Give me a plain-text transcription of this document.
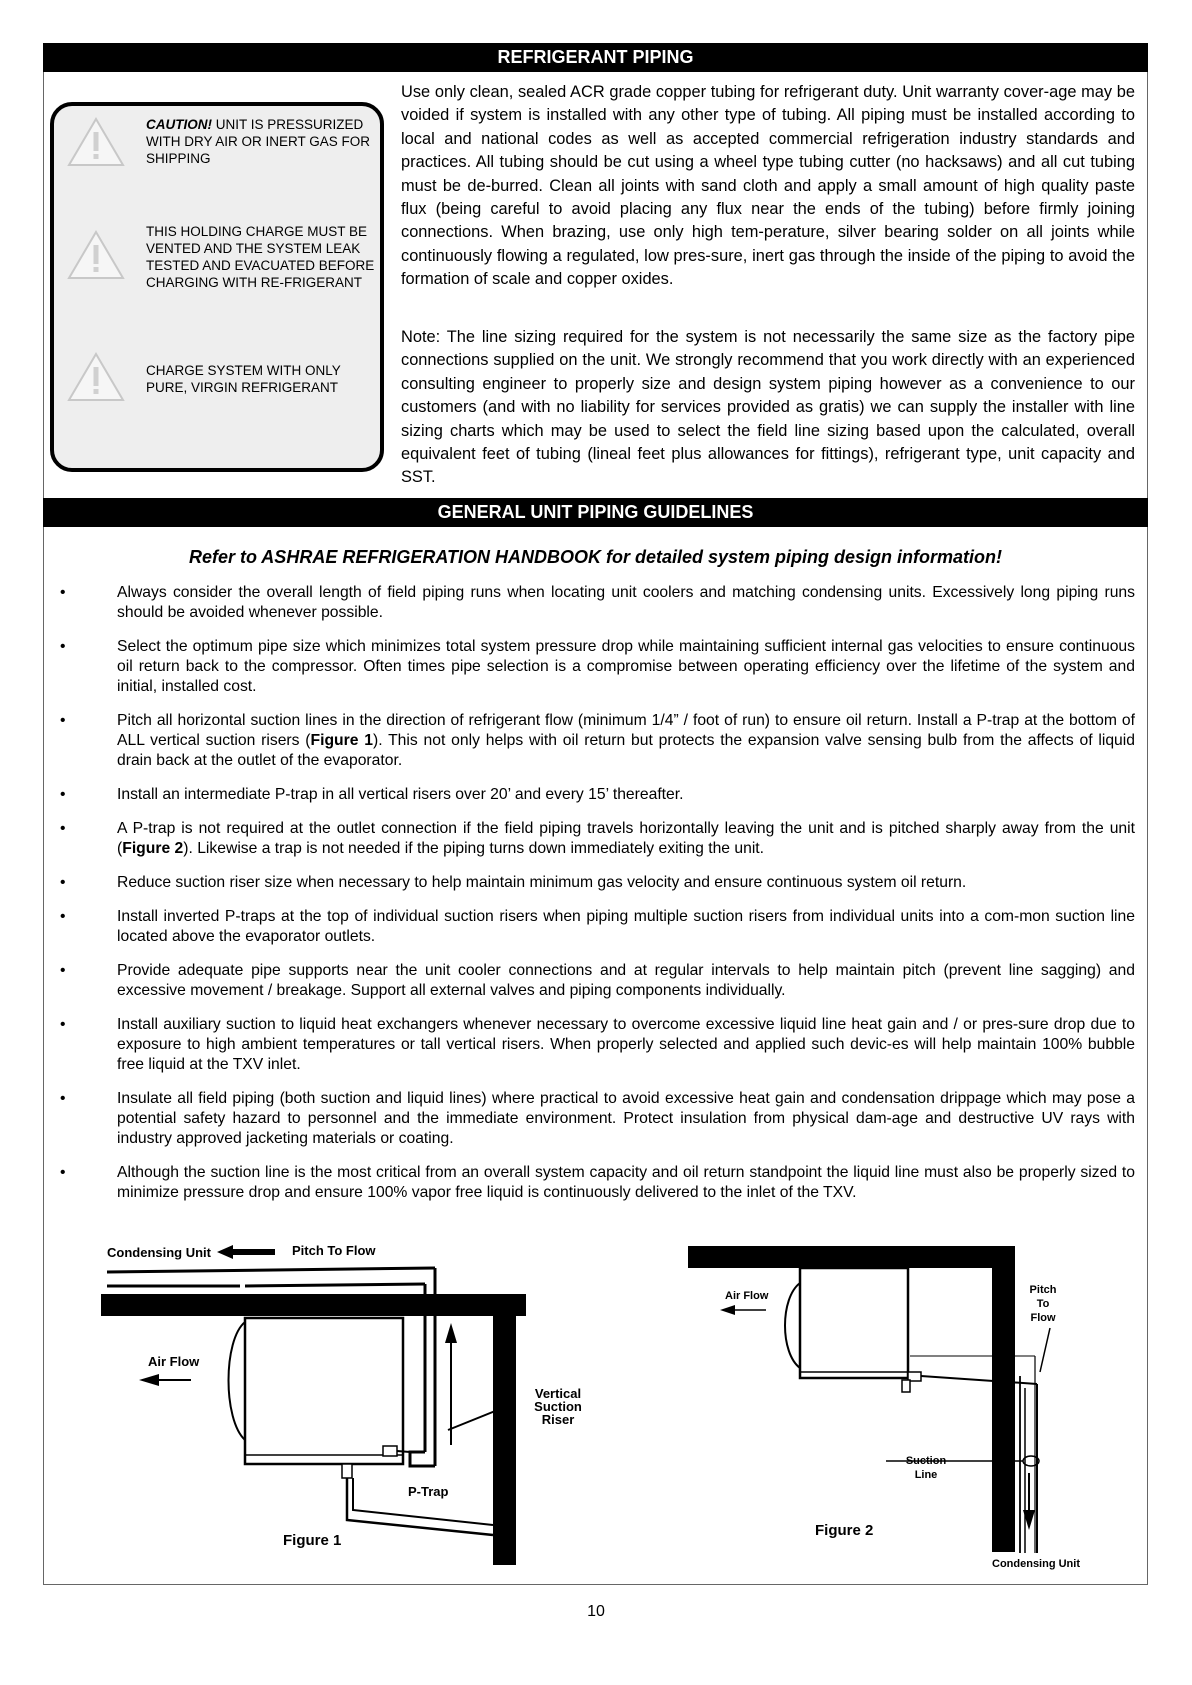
REFRIGERANT PIPING
CAUTION! UNIT IS PRESSURIZED WITH DRY AIR OR INERT GAS FOR SHIPPING
THIS HOLDING CHARGE MUST BE VENTED AND THE SYSTEM LEAK TESTED AND EVACUATED BEFORE CHARGING WITH RE-FRIGERANT
CHARGE SYSTEM WITH ONLY PURE, VIRGIN REFRIGERANT

Use only clean, sealed ACR grade copper tubing for refrigerant duty. Unit warranty cover-age may be voided if system is installed with any other type of tubing. All piping must be installed according to local and national codes as well as accepted commercial refrigeration industry standards and practices. All tubing should be cut using a wheel type tubing cutter (no hacksaws) and all cut tubing must be de-burred. Clean all joints with sand cloth and apply a small amount of high quality paste flux (being careful to avoid placing any flux near the ends of the tubing) before firmly joining connections. When brazing, use only high tem-perature, silver bearing solder on all joints while continuously flowing a regulated, low pres-sure, inert gas through the inside of the piping to avoid the formation of scale and copper oxides.

Note: The line sizing required for the system is not necessarily the same size as the factory pipe connections supplied on the unit. We strongly recommend that you work directly with an experienced consulting engineer to properly size and design system piping however as a convenience to our customers (and with no liability for services provided as gratis) we can supply the installer with line sizing charts which may be used to select the field line sizing based upon the calculated, overall equivalent feet of tubing (lineal feet plus allowances for fittings), refrigerant type, unit capacity and SST.

GENERAL UNIT PIPING GUIDELINES
Refer to ASHRAE REFRIGERATION HANDBOOK for detailed system piping design information!
•	Always consider the overall length of field piping runs when locating unit coolers and matching condensing units. Excessively long piping runs should be avoided whenever possible.
•	Select the optimum pipe size which minimizes total system pressure drop while maintaining sufficient internal gas velocities to ensure continuous oil return back to the compressor. Often times pipe selection is a compromise between operating efficiency over the lifetime of the system and initial, installed cost.
•	Pitch all horizontal suction lines in the direction of refrigerant flow (minimum 1/4” / foot of run) to ensure oil return. Install a P-trap at the bottom of ALL vertical suction risers (Figure 1). This not only helps with oil return but protects the expansion valve sensing bulb from the affects of liquid drain back at the outlet of the evaporator.
•	Install an intermediate P-trap in all vertical risers over 20’ and every 15’ thereafter.
•	A P-trap is not required at the outlet connection if the field piping travels horizontally leaving the unit and is pitched sharply away from the unit (Figure 2). Likewise a trap is not needed if the piping turns down immediately exiting the unit.
•	Reduce suction riser size when necessary to help maintain minimum gas velocity and ensure continuous system oil return.
•	Install inverted P-traps at the top of individual suction risers when piping multiple suction risers from individual units into a com-mon suction line located above the evaporator outlets.
•	Provide adequate pipe supports near the unit cooler connections and at regular intervals to help maintain pitch (prevent line sagging) and excessive movement / breakage. Support all external valves and piping components individually.
•	Install auxiliary suction to liquid heat exchangers whenever necessary to overcome excessive liquid line heat gain and / or pres-sure drop due to exposure to high ambient temperatures or tall vertical risers. When properly selected and applied such devic-es will help maintain 100% bubble free liquid at the TXV inlet.
•	Insulate all field piping (both suction and liquid lines) where practical to avoid excessive heat gain and condensation drippage which may pose a potential safety hazard to personnel and the immediate environment. Protect insulation from physical dam-age and destructive UV rays with industry approved jacketing materials or coating.
•	Although the suction line is the most critical from an overall system capacity and oil return standpoint the liquid line must also be properly sized to minimize pressure drop and ensure 100% vapor free liquid is continuously delivered to the inlet of the TXV.
Condensing Unit	Pitch To Flow
Air Flow
Vertical
Suction
Riser
P-Trap
Figure 1
Air Flow	Pitch
To
Flow
Suction
Line
Condensing Unit
Figure 2
10
